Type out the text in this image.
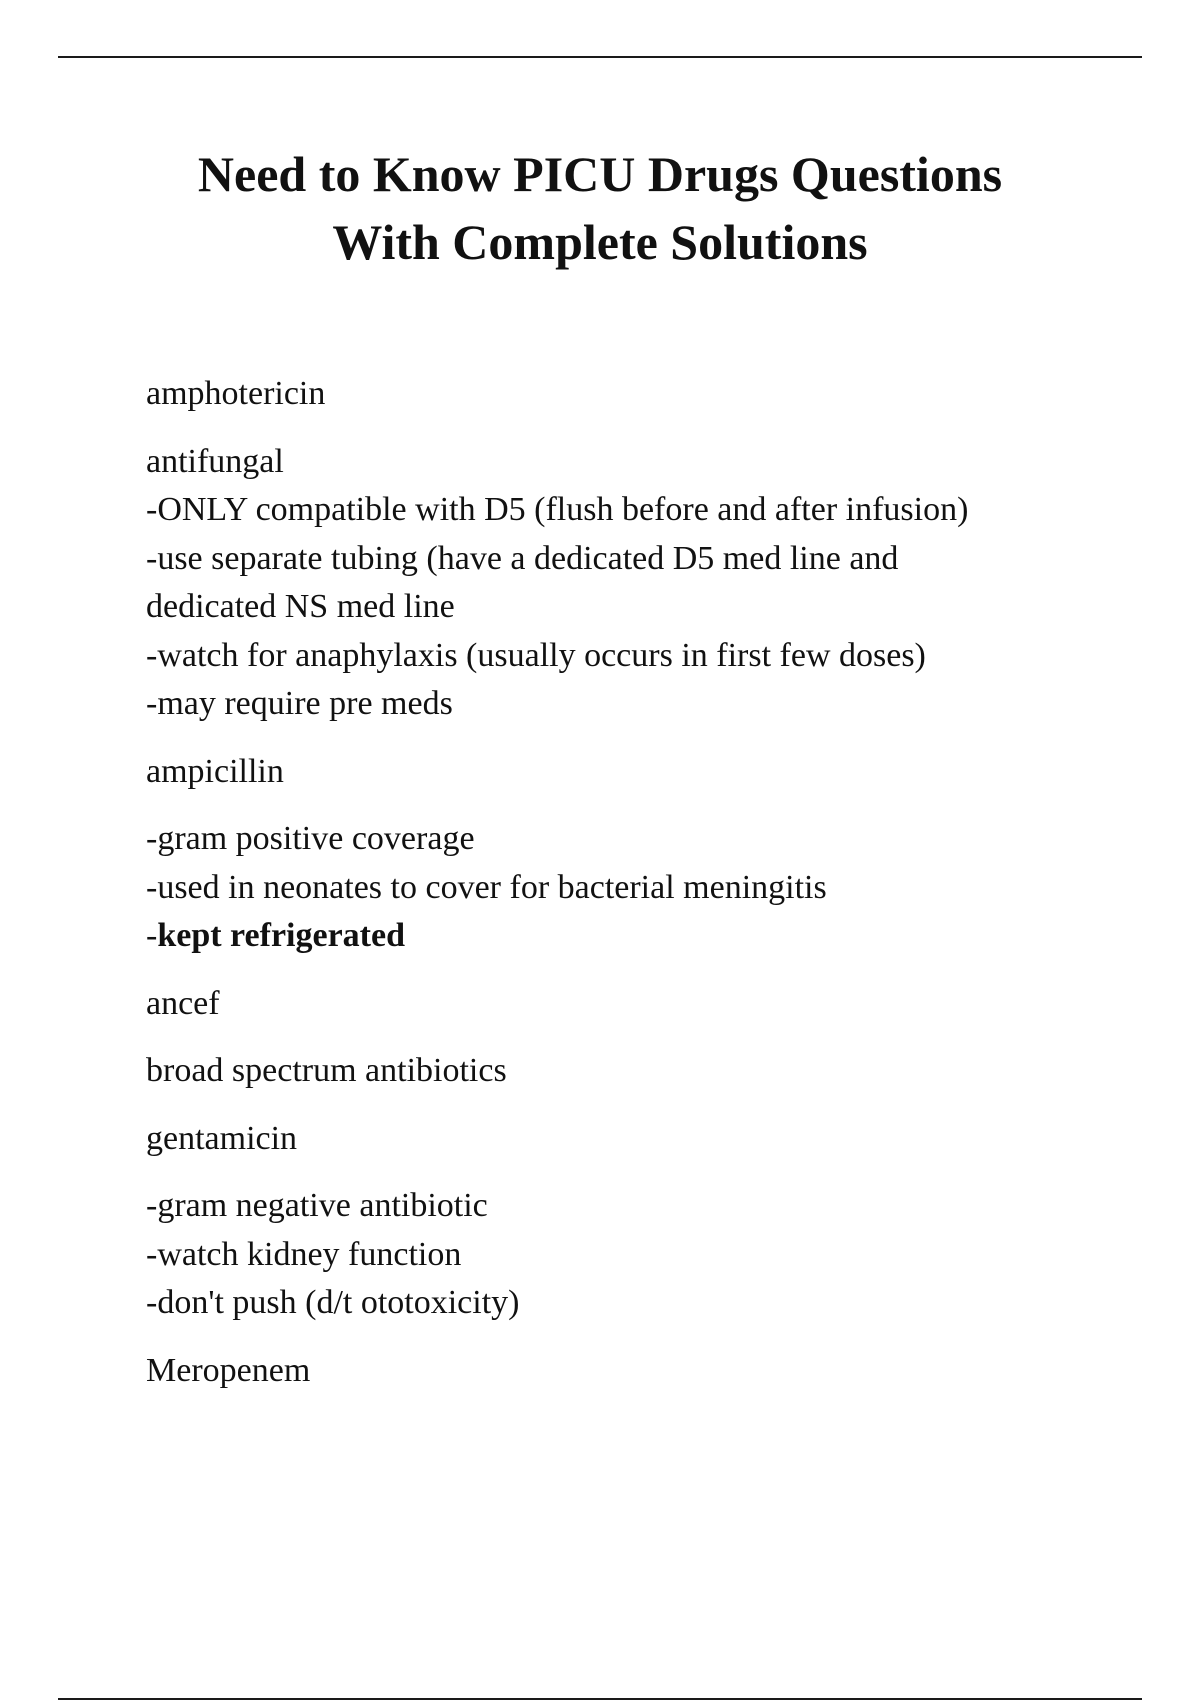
Need to Know PICU Drugs Questions
With Complete Solutions
amphotericin
antifungal
-ONLY compatible with D5 (flush before and after infusion)
-use separate tubing (have a dedicated D5 med line and
dedicated NS med line
-watch for anaphylaxis (usually occurs in first few doses)
-may require pre meds
ampicillin
-gram positive coverage
-used in neonates to cover for bacterial meningitis
-kept refrigerated
ancef
broad spectrum antibiotics
gentamicin
-gram negative antibiotic
-watch kidney function
-don't push (d/t ototoxicity)
Meropenem
